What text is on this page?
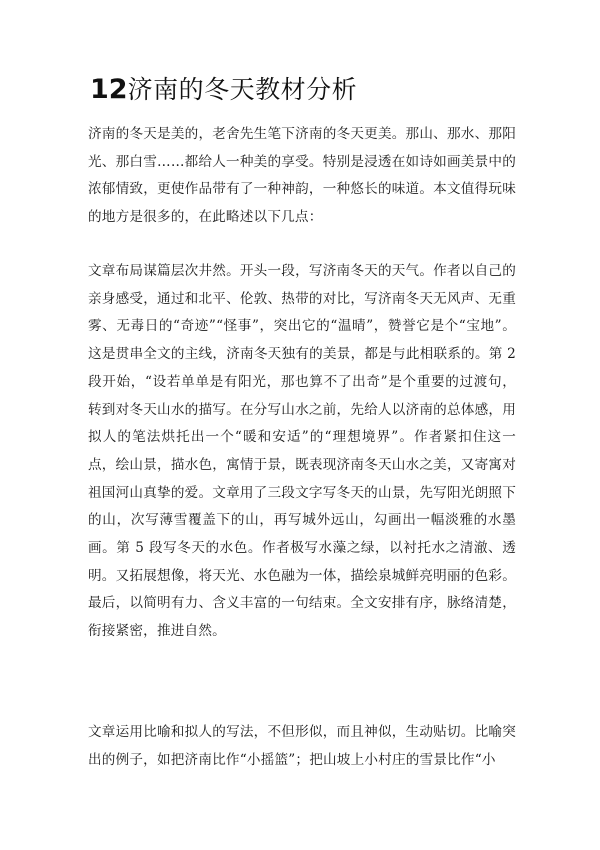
12济南的冬天教材分析

济南的冬天是美的，老舍先生笔下济南的冬天更美。那山、那水、那阳光、那白雪……都给人一种美的享受。特别是浸透在如诗如画美景中的浓郁情致，更使作品带有了一种神韵，一种悠长的味道。本文值得玩味的地方是很多的，在此略述以下几点：

文章布局谋篇层次井然。开头一段，写济南冬天的天气。作者以自己的亲身感受，通过和北平、伦敦、热带的对比，写济南冬天无风声、无重雾、无毒日的“奇迹”“怪事”，突出它的“温晴”，赞誉它是个“宝地”。这是贯串全文的主线，济南冬天独有的美景，都是与此相联系的。第 2 段开始，“设若单单是有阳光，那也算不了出奇”是个重要的过渡句，转到对冬天山水的描写。在分写山水之前，先给人以济南的总体感，用拟人的笔法烘托出一个“暖和安适”的“理想境界”。作者紧扣住这一点，绘山景，描水色，寓情于景，既表现济南冬天山水之美，又寄寓对祖国河山真挚的爱。文章用了三段文字写冬天的山景，先写阳光朗照下的山，次写薄雪覆盖下的山，再写城外远山，勾画出一幅淡雅的水墨画。第 5 段写冬天的水色。作者极写水藻之绿，以衬托水之清澈、透明。又拓展想像，将天光、水色融为一体，描绘泉城鲜亮明丽的色彩。最后，以简明有力、含义丰富的一句结束。全文安排有序，脉络清楚，衔接紧密，推进自然。

文章运用比喻和拟人的写法，不但形似，而且神似，生动贴切。比喻突出的例子，如把济南比作“小摇篮”；把山坡上小村庄的雪景比作“小
